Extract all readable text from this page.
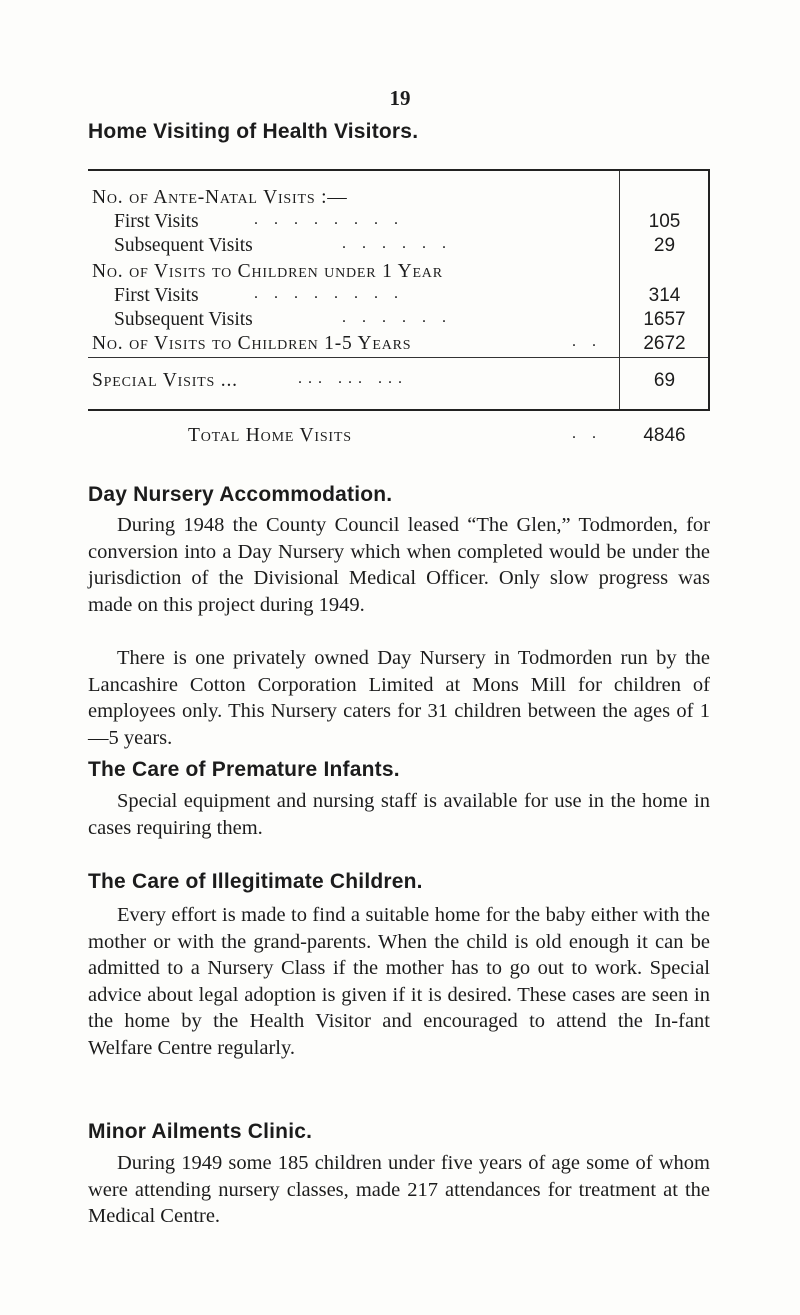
19
Home Visiting of Health Visitors.
No. of Ante-Natal Visits :—
First Visits	. . . . . . . .	105
Subsequent Visits	. . . . . .	29
No. of Visits to Children under 1 Year
First Visits	. . . . . . . .	314
Subsequent Visits	. . . . . .	1657
No. of Visits to Children 1-5 Years	. .	2672
Special Visits ...	... ... ...	69
Total Home Visits	. .	4846
Day Nursery Accommodation.

During 1948 the County Council leased “The Glen,” Todmorden, for conversion into a Day Nursery which when completed would be under the jurisdiction of the Divisional Medical Officer. Only slow progress was made on this project during 1949.

There is one privately owned Day Nursery in Todmorden run by the Lancashire Cotton Corporation Limited at Mons Mill for children of employees only. This Nursery caters for 31 children between the ages of 1—5 years.

The Care of Premature Infants.

Special equipment and nursing staff is available for use in the home in cases requiring them.

The Care of Illegitimate Children.

Every effort is made to find a suitable home for the baby either with the mother or with the grand-parents. When the child is old enough it can be admitted to a Nursery Class if the mother has to go out to work. Special advice about legal adoption is given if it is desired. These cases are seen in the home by the Health Visitor and encouraged to attend the In-fant Welfare Centre regularly.

Minor Ailments Clinic.

During 1949 some 185 children under five years of age some of whom were attending nursery classes, made 217 attendances for treatment at the Medical Centre.
